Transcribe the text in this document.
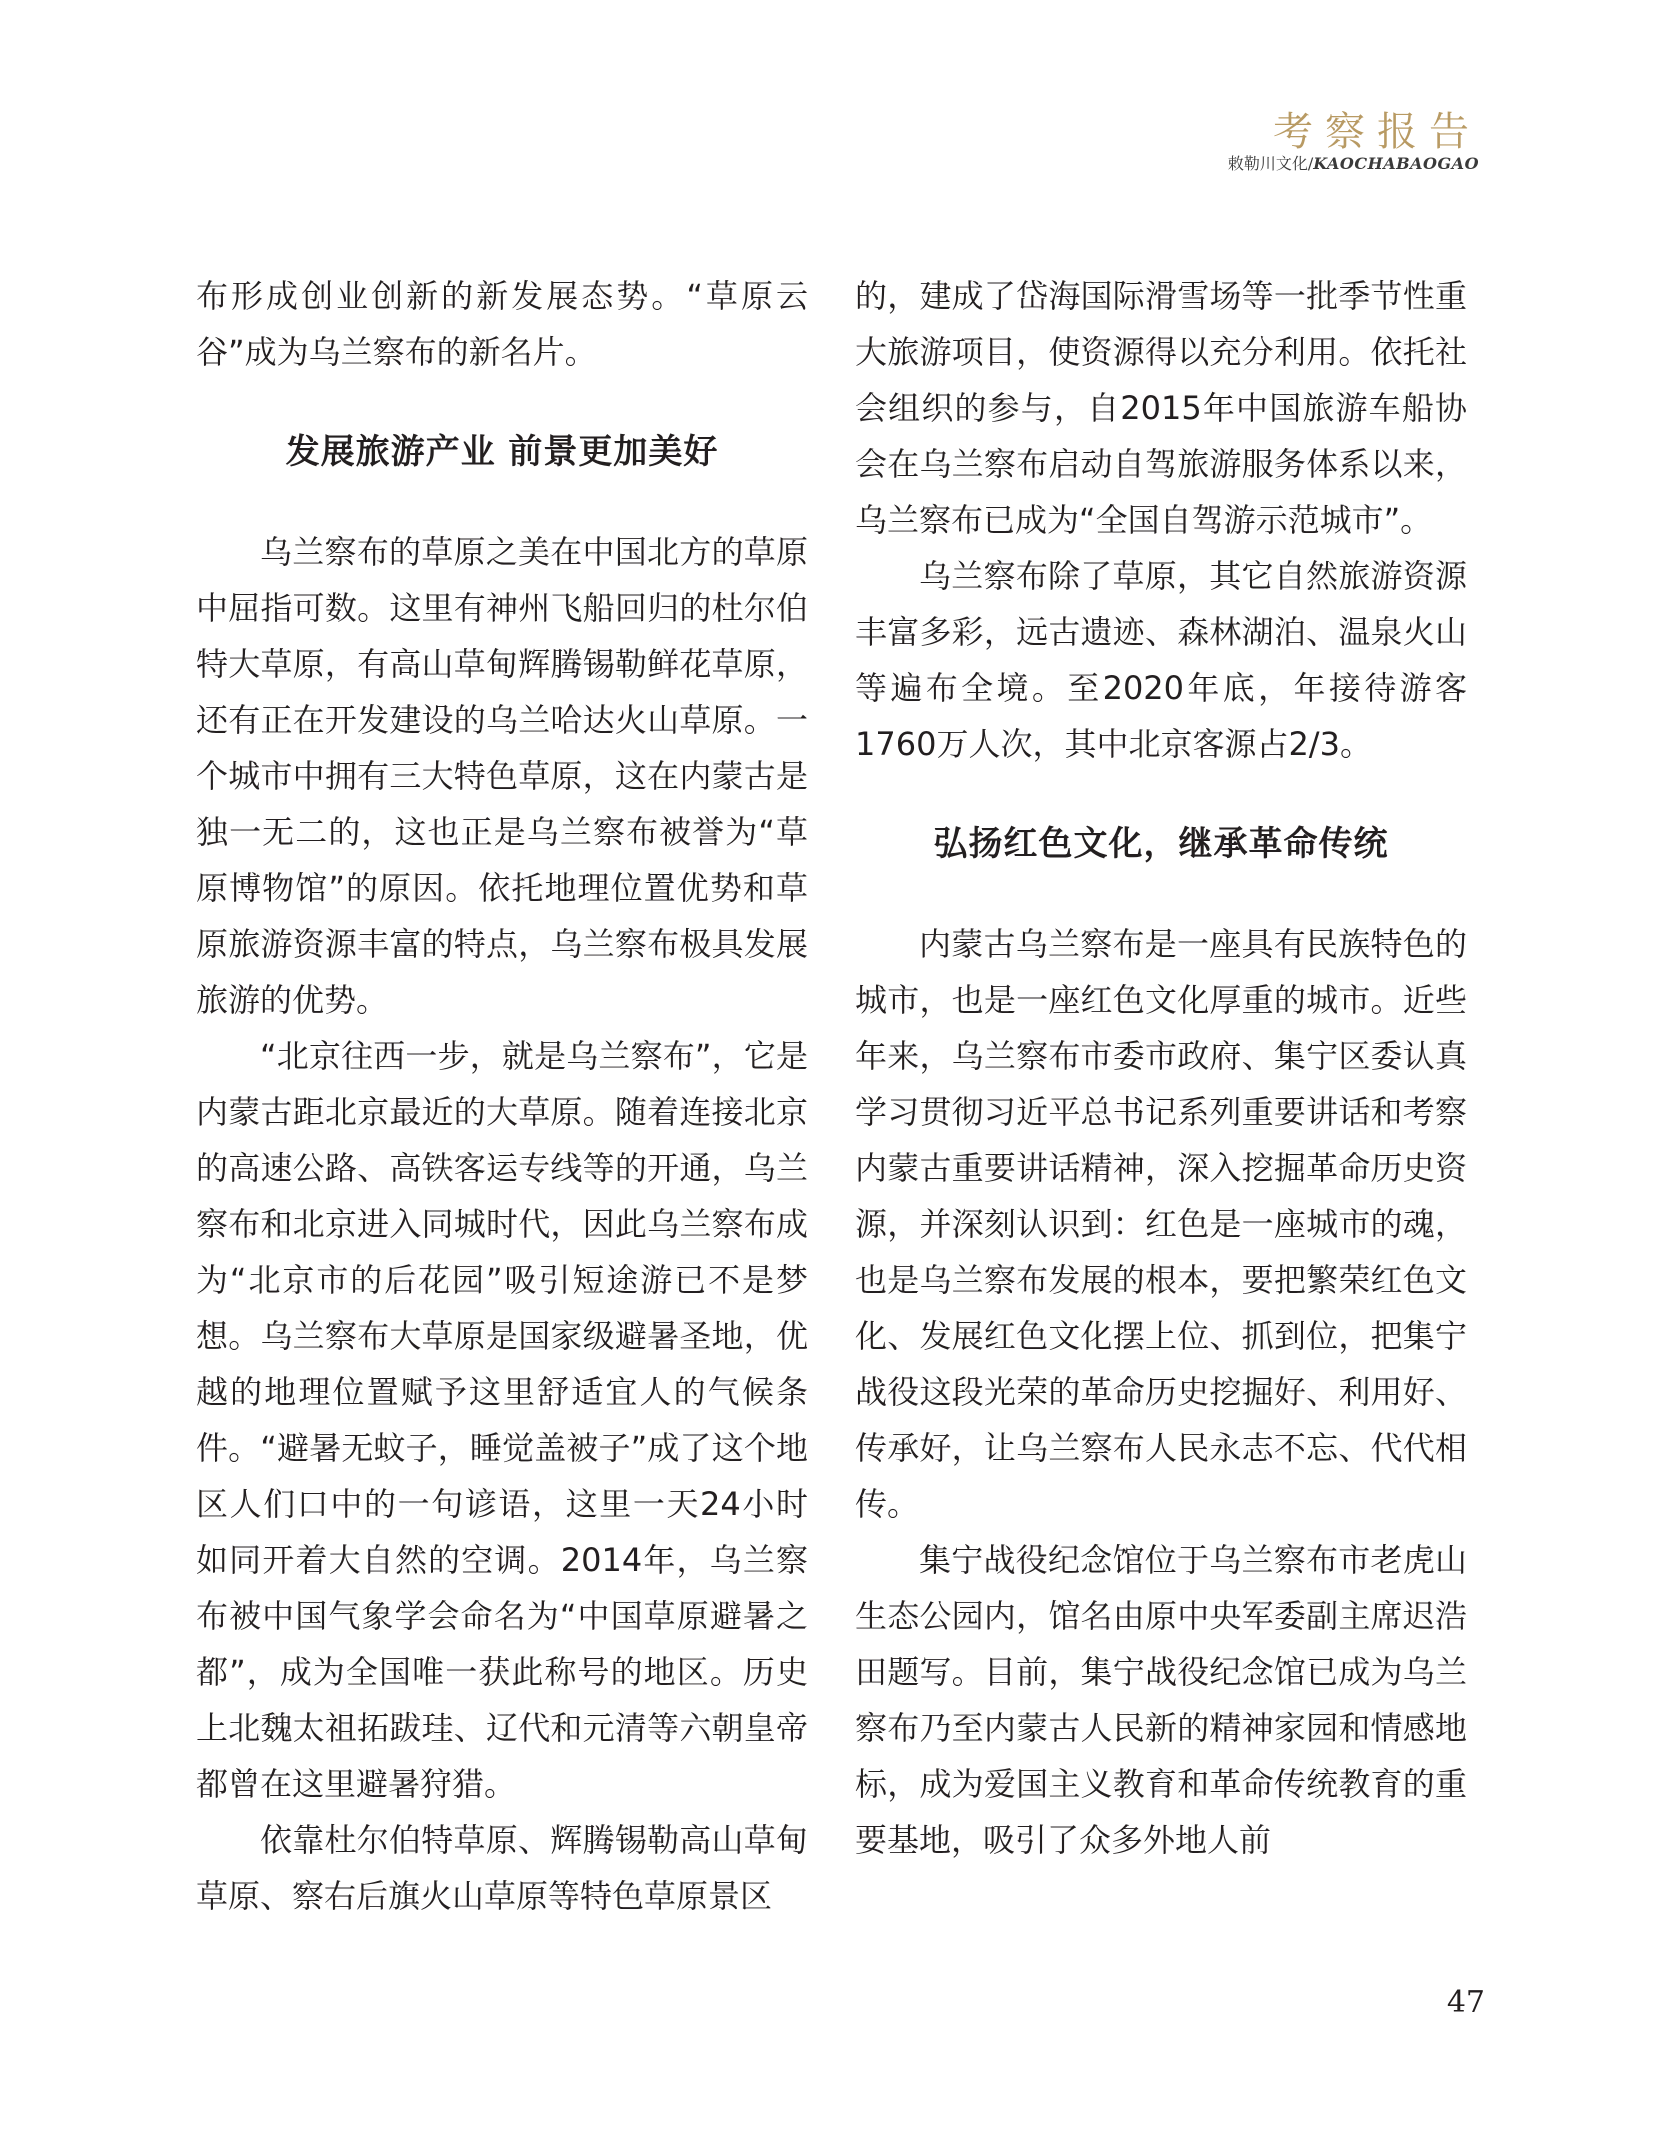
考察报告
敕勒川文化/KAOCHABAOGAO

布形成创业创新的新发展态势。“草原云谷”成为乌兰察布的新名片。

发展旅游产业 前景更加美好

乌兰察布的草原之美在中国北方的草原中屈指可数。这里有神州飞船回归的杜尔伯特大草原，有高山草甸辉腾锡勒鲜花草原，还有正在开发建设的乌兰哈达火山草原。一个城市中拥有三大特色草原，这在内蒙古是独一无二的，这也正是乌兰察布被誉为“草原博物馆”的原因。依托地理位置优势和草原旅游资源丰富的特点，乌兰察布极具发展旅游的优势。

“北京往西一步，就是乌兰察布”，它是内蒙古距北京最近的大草原。随着连接北京的高速公路、高铁客运专线等的开通，乌兰察布和北京进入同城时代，因此乌兰察布成为“北京市的后花园”吸引短途游已不是梦想。乌兰察布大草原是国家级避暑圣地，优越的地理位置赋予这里舒适宜人的气候条件。“避暑无蚊子，睡觉盖被子”成了这个地区人们口中的一句谚语，这里一天24小时如同开着大自然的空调。2014年，乌兰察布被中国气象学会命名为“中国草原避暑之都”，成为全国唯一获此称号的地区。历史上北魏太祖拓跋珪、辽代和元清等六朝皇帝都曾在这里避暑狩猎。

依靠杜尔伯特草原、辉腾锡勒高山草甸草原、察右后旗火山草原等特色草原景区

的，建成了岱海国际滑雪场等一批季节性重大旅游项目，使资源得以充分利用。依托社会组织的参与，自2015年中国旅游车船协会在乌兰察布启动自驾旅游服务体系以来，乌兰察布已成为“全国自驾游示范城市”。

乌兰察布除了草原，其它自然旅游资源丰富多彩，远古遗迹、森林湖泊、温泉火山等遍布全境。至2020年底，年接待游客1760万人次，其中北京客源占2/3。

弘扬红色文化，继承革命传统

内蒙古乌兰察布是一座具有民族特色的城市，也是一座红色文化厚重的城市。近些年来，乌兰察布市委市政府、集宁区委认真学习贯彻习近平总书记系列重要讲话和考察内蒙古重要讲话精神，深入挖掘革命历史资源，并深刻认识到：红色是一座城市的魂，也是乌兰察布发展的根本，要把繁荣红色文化、发展红色文化摆上位、抓到位，把集宁战役这段光荣的革命历史挖掘好、利用好、传承好，让乌兰察布人民永志不忘、代代相传。

集宁战役纪念馆位于乌兰察布市老虎山生态公园内，馆名由原中央军委副主席迟浩田题写。目前，集宁战役纪念馆已成为乌兰察布乃至内蒙古人民新的精神家园和情感地标，成为爱国主义教育和革命传统教育的重要基地，吸引了众多外地人前

47
